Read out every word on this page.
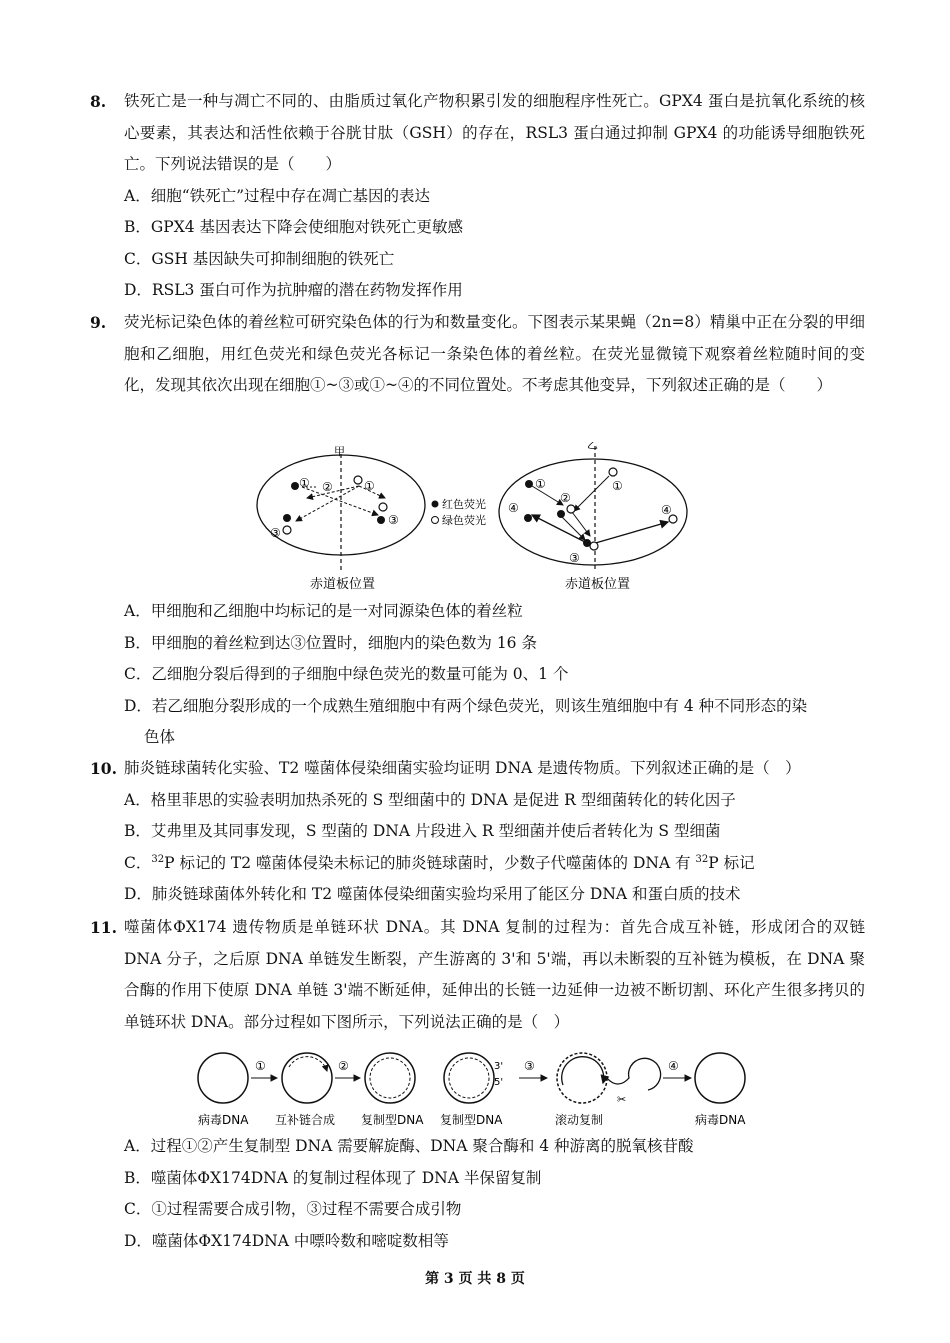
8. 铁死亡是一种与凋亡不同的、由脂质过氧化产物积累引发的细胞程序性死亡。GPX4 蛋白是抗氧化系统的核心要素，其表达和活性依赖于谷胱甘肽（GSH）的存在，RSL3 蛋白通过抑制 GPX4 的功能诱导细胞铁死亡。下列说法错误的是（　　）
A．细胞“铁死亡”过程中存在凋亡基因的表达
B．GPX4 基因表达下降会使细胞对铁死亡更敏感
C．GSH 基因缺失可抑制细胞的铁死亡
D．RSL3 蛋白可作为抗肿瘤的潜在药物发挥作用
9. 荧光标记染色体的着丝粒可研究染色体的行为和数量变化。下图表示某果蝇（2n=8）精巢中正在分裂的甲细胞和乙细胞，用红色荧光和绿色荧光各标记一条染色体的着丝粒。在荧光显微镜下观察着丝粒随时间的变化，发现其依次出现在细胞①~③或①~④的不同位置处。不考虑其他变异，下列叙述正确的是（　　）
甲
① ②	①
③
③
赤道板位置
红色荧光
绿色荧光
乙
①	①
②
④	④
③
赤道板位置
A．甲细胞和乙细胞中均标记的是一对同源染色体的着丝粒
B．甲细胞的着丝粒到达③位置时，细胞内的染色数为 16 条
C．乙细胞分裂后得到的子细胞中绿色荧光的数量可能为 0、1 个
D．若乙细胞分裂形成的一个成熟生殖细胞中有两个绿色荧光，则该生殖细胞中有 4 种不同形态的染
色体
10. 肺炎链球菌转化实验、T2 噬菌体侵染细菌实验均证明 DNA 是遗传物质。下列叙述正确的是（　）
A．格里菲思的实验表明加热杀死的 S 型细菌中的 DNA 是促进 R 型细菌转化的转化因子
B．艾弗里及其同事发现，S 型菌的 DNA 片段进入 R 型细菌并使后者转化为 S 型细菌
C．$^{32}$P 标记的 T2 噬菌体侵染未标记的肺炎链球菌时，少数子代噬菌体的 DNA 有 $^{32}$P 标记
D．肺炎链球菌体外转化和 T2 噬菌体侵染细菌实验均采用了能区分 DNA 和蛋白质的技术
11. 噬菌体ΦX174 遗传物质是单链环状 DNA。其 DNA 复制的过程为：首先合成互补链，形成闭合的双链 DNA 分子，之后原 DNA 单链发生断裂，产生游离的 3'和 5'端，再以未断裂的互补链为模板，在 DNA 聚合酶的作用下使原 DNA 单链 3'端不断延伸，延伸出的长链一边延伸一边被不断切割、环化产生很多拷贝的单链环状 DNA。部分过程如下图所示，下列说法正确的是（　）
①	②	3'
5'
③
✂
④
病毒DNA 互补链合成 复制型DNA 复制型DNA	滚动复制	病毒DNA
A．过程①②产生复制型 DNA 需要解旋酶、DNA 聚合酶和 4 种游离的脱氧核苷酸
B．噬菌体ΦX174DNA 的复制过程体现了 DNA 半保留复制
C．①过程需要合成引物，③过程不需要合成引物
D．噬菌体ΦX174DNA 中嘌呤数和嘧啶数相等
第 3 页 共 8 页
